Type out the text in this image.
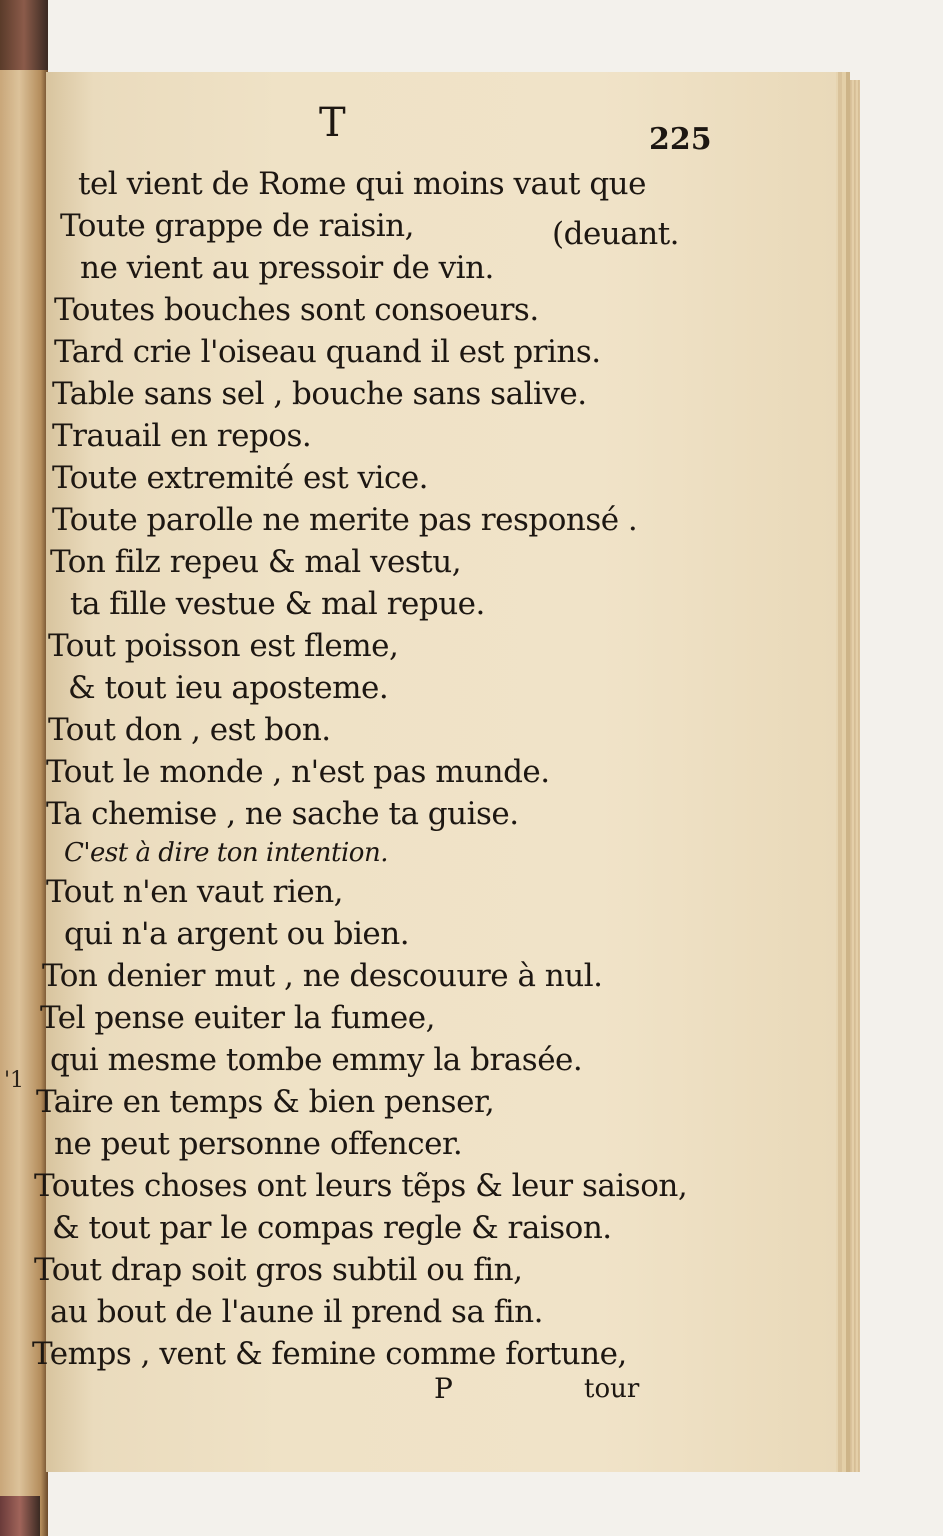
'1
T	225
tel vient de Rome qui moins vaut que
Toute grappe de raisin,	(deuant.
ne vient au pressoir de vin.
Toutes bouches sont consoeurs.
Tard crie l'oiseau quand il est prins.
Table sans sel , bouche sans salive.
Trauail en repos.
Toute extremité est vice.
Toute parolle ne merite pas responsé .
Ton filz repeu & mal vestu,
ta fille vestue & mal repue.
Tout poisson est fleme,
& tout ieu aposteme.
Tout don , est bon.
Tout le monde , n'est pas munde.
Ta chemise , ne sache ta guise.
C'est à dire ton intention.
Tout n'en vaut rien,
qui n'a argent ou bien.
Ton denier mut , ne descouure à nul.
Tel pense euiter la fumee,
qui mesme tombe emmy la brasée.
Taire en temps & bien penser,
ne peut personne offencer.
Toutes choses ont leurs tẽps & leur saison,
& tout par le compas regle & raison.
Tout drap soit gros subtil ou fin,
au bout de l'aune il prend sa fin.
Temps , vent & femine comme fortune,
P	tour
